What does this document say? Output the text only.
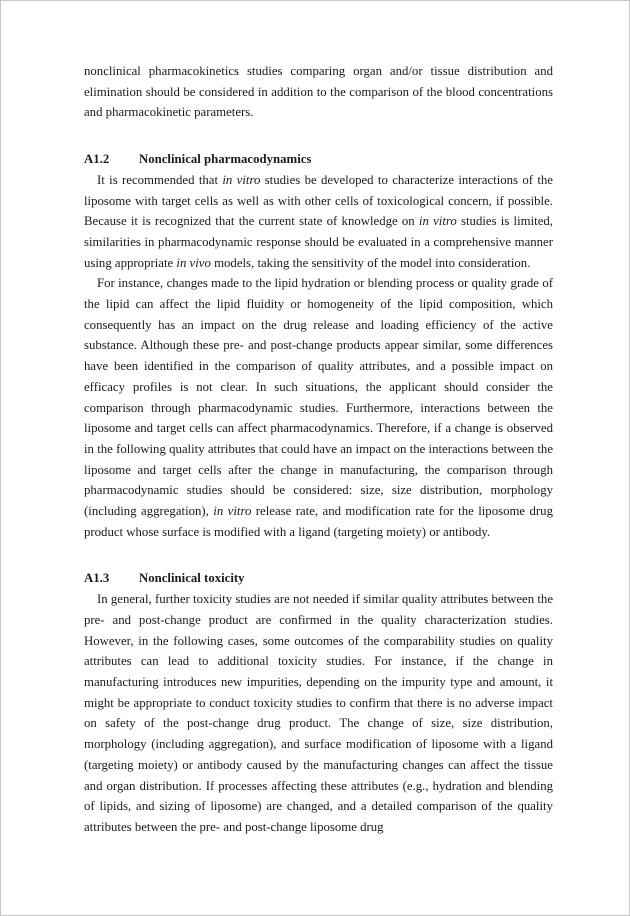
nonclinical pharmacokinetics studies comparing organ and/or tissue distribution and elimination should be considered in addition to the comparison of the blood concentrations and pharmacokinetic parameters.

A1.2 Nonclinical pharmacodynamics

It is recommended that in vitro studies be developed to characterize interactions of the liposome with target cells as well as with other cells of toxicological concern, if possible. Because it is recognized that the current state of knowledge on in vitro studies is limited, similarities in pharmacodynamic response should be evaluated in a comprehensive manner using appropriate in vivo models, taking the sensitivity of the model into consideration.

For instance, changes made to the lipid hydration or blending process or quality grade of the lipid can affect the lipid fluidity or homogeneity of the lipid composition, which consequently has an impact on the drug release and loading efficiency of the active substance. Although these pre- and post-change products appear similar, some differences have been identified in the comparison of quality attributes, and a possible impact on efficacy profiles is not clear. In such situations, the applicant should consider the comparison through pharmacodynamic studies. Furthermore, interactions between the liposome and target cells can affect pharmacodynamics. Therefore, if a change is observed in the following quality attributes that could have an impact on the interactions between the liposome and target cells after the change in manufacturing, the comparison through pharmacodynamic studies should be considered: size, size distribution, morphology (including aggregation), in vitro release rate, and modification rate for the liposome drug product whose surface is modified with a ligand (targeting moiety) or antibody.

A1.3 Nonclinical toxicity

In general, further toxicity studies are not needed if similar quality attributes between the pre- and post-change product are confirmed in the quality characterization studies. However, in the following cases, some outcomes of the comparability studies on quality attributes can lead to additional toxicity studies. For instance, if the change in manufacturing introduces new impurities, depending on the impurity type and amount, it might be appropriate to conduct toxicity studies to confirm that there is no adverse impact on safety of the post-change drug product. The change of size, size distribution, morphology (including aggregation), and surface modification of liposome with a ligand (targeting moiety) or antibody caused by the manufacturing changes can affect the tissue and organ distribution. If processes affecting these attributes (e.g., hydration and blending of lipids, and sizing of liposome) are changed, and a detailed comparison of the quality attributes between the pre- and post-change liposome drug
